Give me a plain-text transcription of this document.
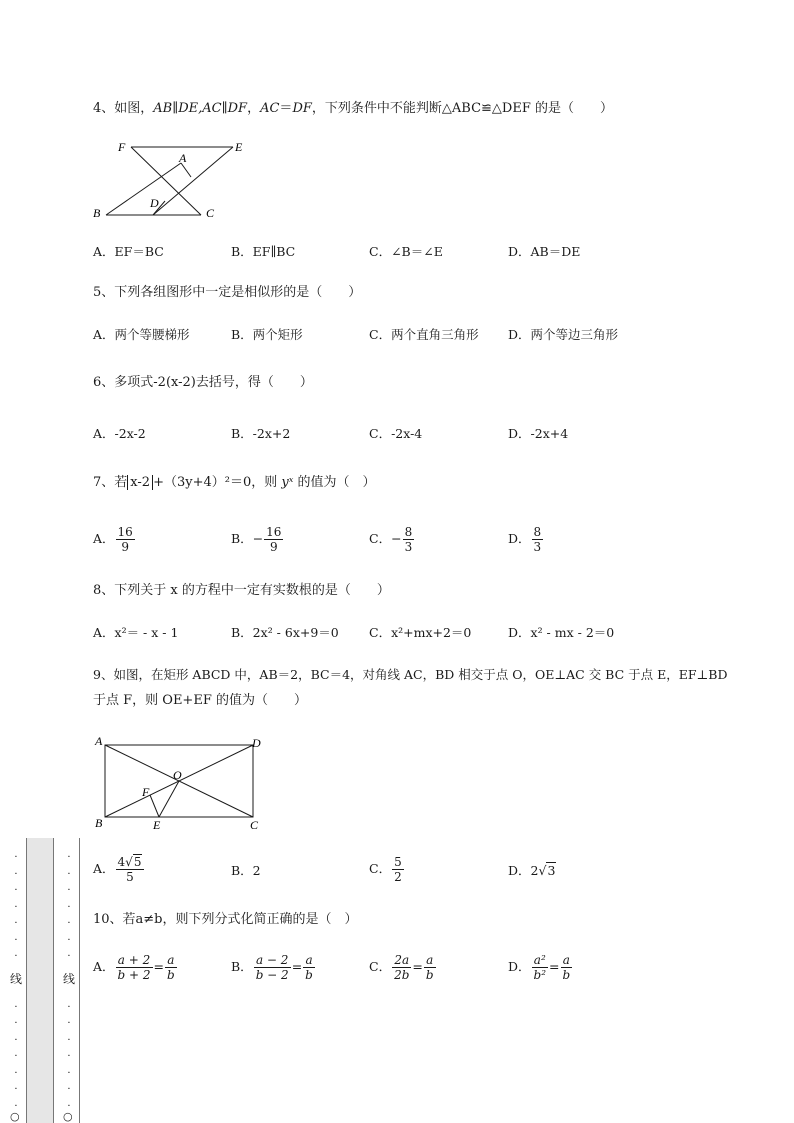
4、如图，AB∥DE,AC∥DF，AC＝DF，下列条件中不能判断△ABC≌△DEF 的是（　　）
F	E
A
D
B	C
A．EF＝BC	B．EF∥BC	C．∠B＝∠E	D．AB＝DE
5、下列各组图形中一定是相似形的是（　　）
A．两个等腰梯形	B．两个矩形	C．两个直角三角形 D．两个等边三角形
6、多项式-2(x-2)去括号，得（　　）
A．-2x-2	B．-2x+2	C．-2x-4	D．-2x+4
7、若 x-2 +（3y+4）²＝0，则 yˣ 的值为（　）
A． $\frac{16}{9}$	B．− $\frac{16}{9}$	C．− $\frac{8}{3}$	D． $\frac{8}{3}$
8、下列关于 x 的方程中一定有实数根的是（　　）
A．x²＝ - x - 1	B．2x² - 6x+9＝0 C．x²+mx+2＝0	D．x² - mx - 2＝0
9、如图，在矩形 ABCD 中，AB＝2，BC＝4，对角线 AC，BD 相交于点 O，OE⊥AC 交 BC 于点 E，EF⊥BD
于点 F，则 OE+EF 的值为（　　）
A	D
O
F
B	E	C
A． $\frac{4√5}{5}$	B．2	C． $\frac{5}{2}$	D．2√3
10、若a≠b，则下列分式化简正确的是（　）
A． $\frac{a + 2}{b + 2} = \frac{a}{b}$	B． $\frac{a - 2}{b - 2} = \frac{a}{b}$	C． $\frac{2a}{2b} = \frac{a}{b}$	D． $\frac{\text{a²}}{\text{b²}} = \frac{a}{b}$
·
·
·
·
·
·
·
·
·
·
·
·
·
·
·
·
·
·
·
·
·
·
·
·
·
·
·
·
线	线
○	○
